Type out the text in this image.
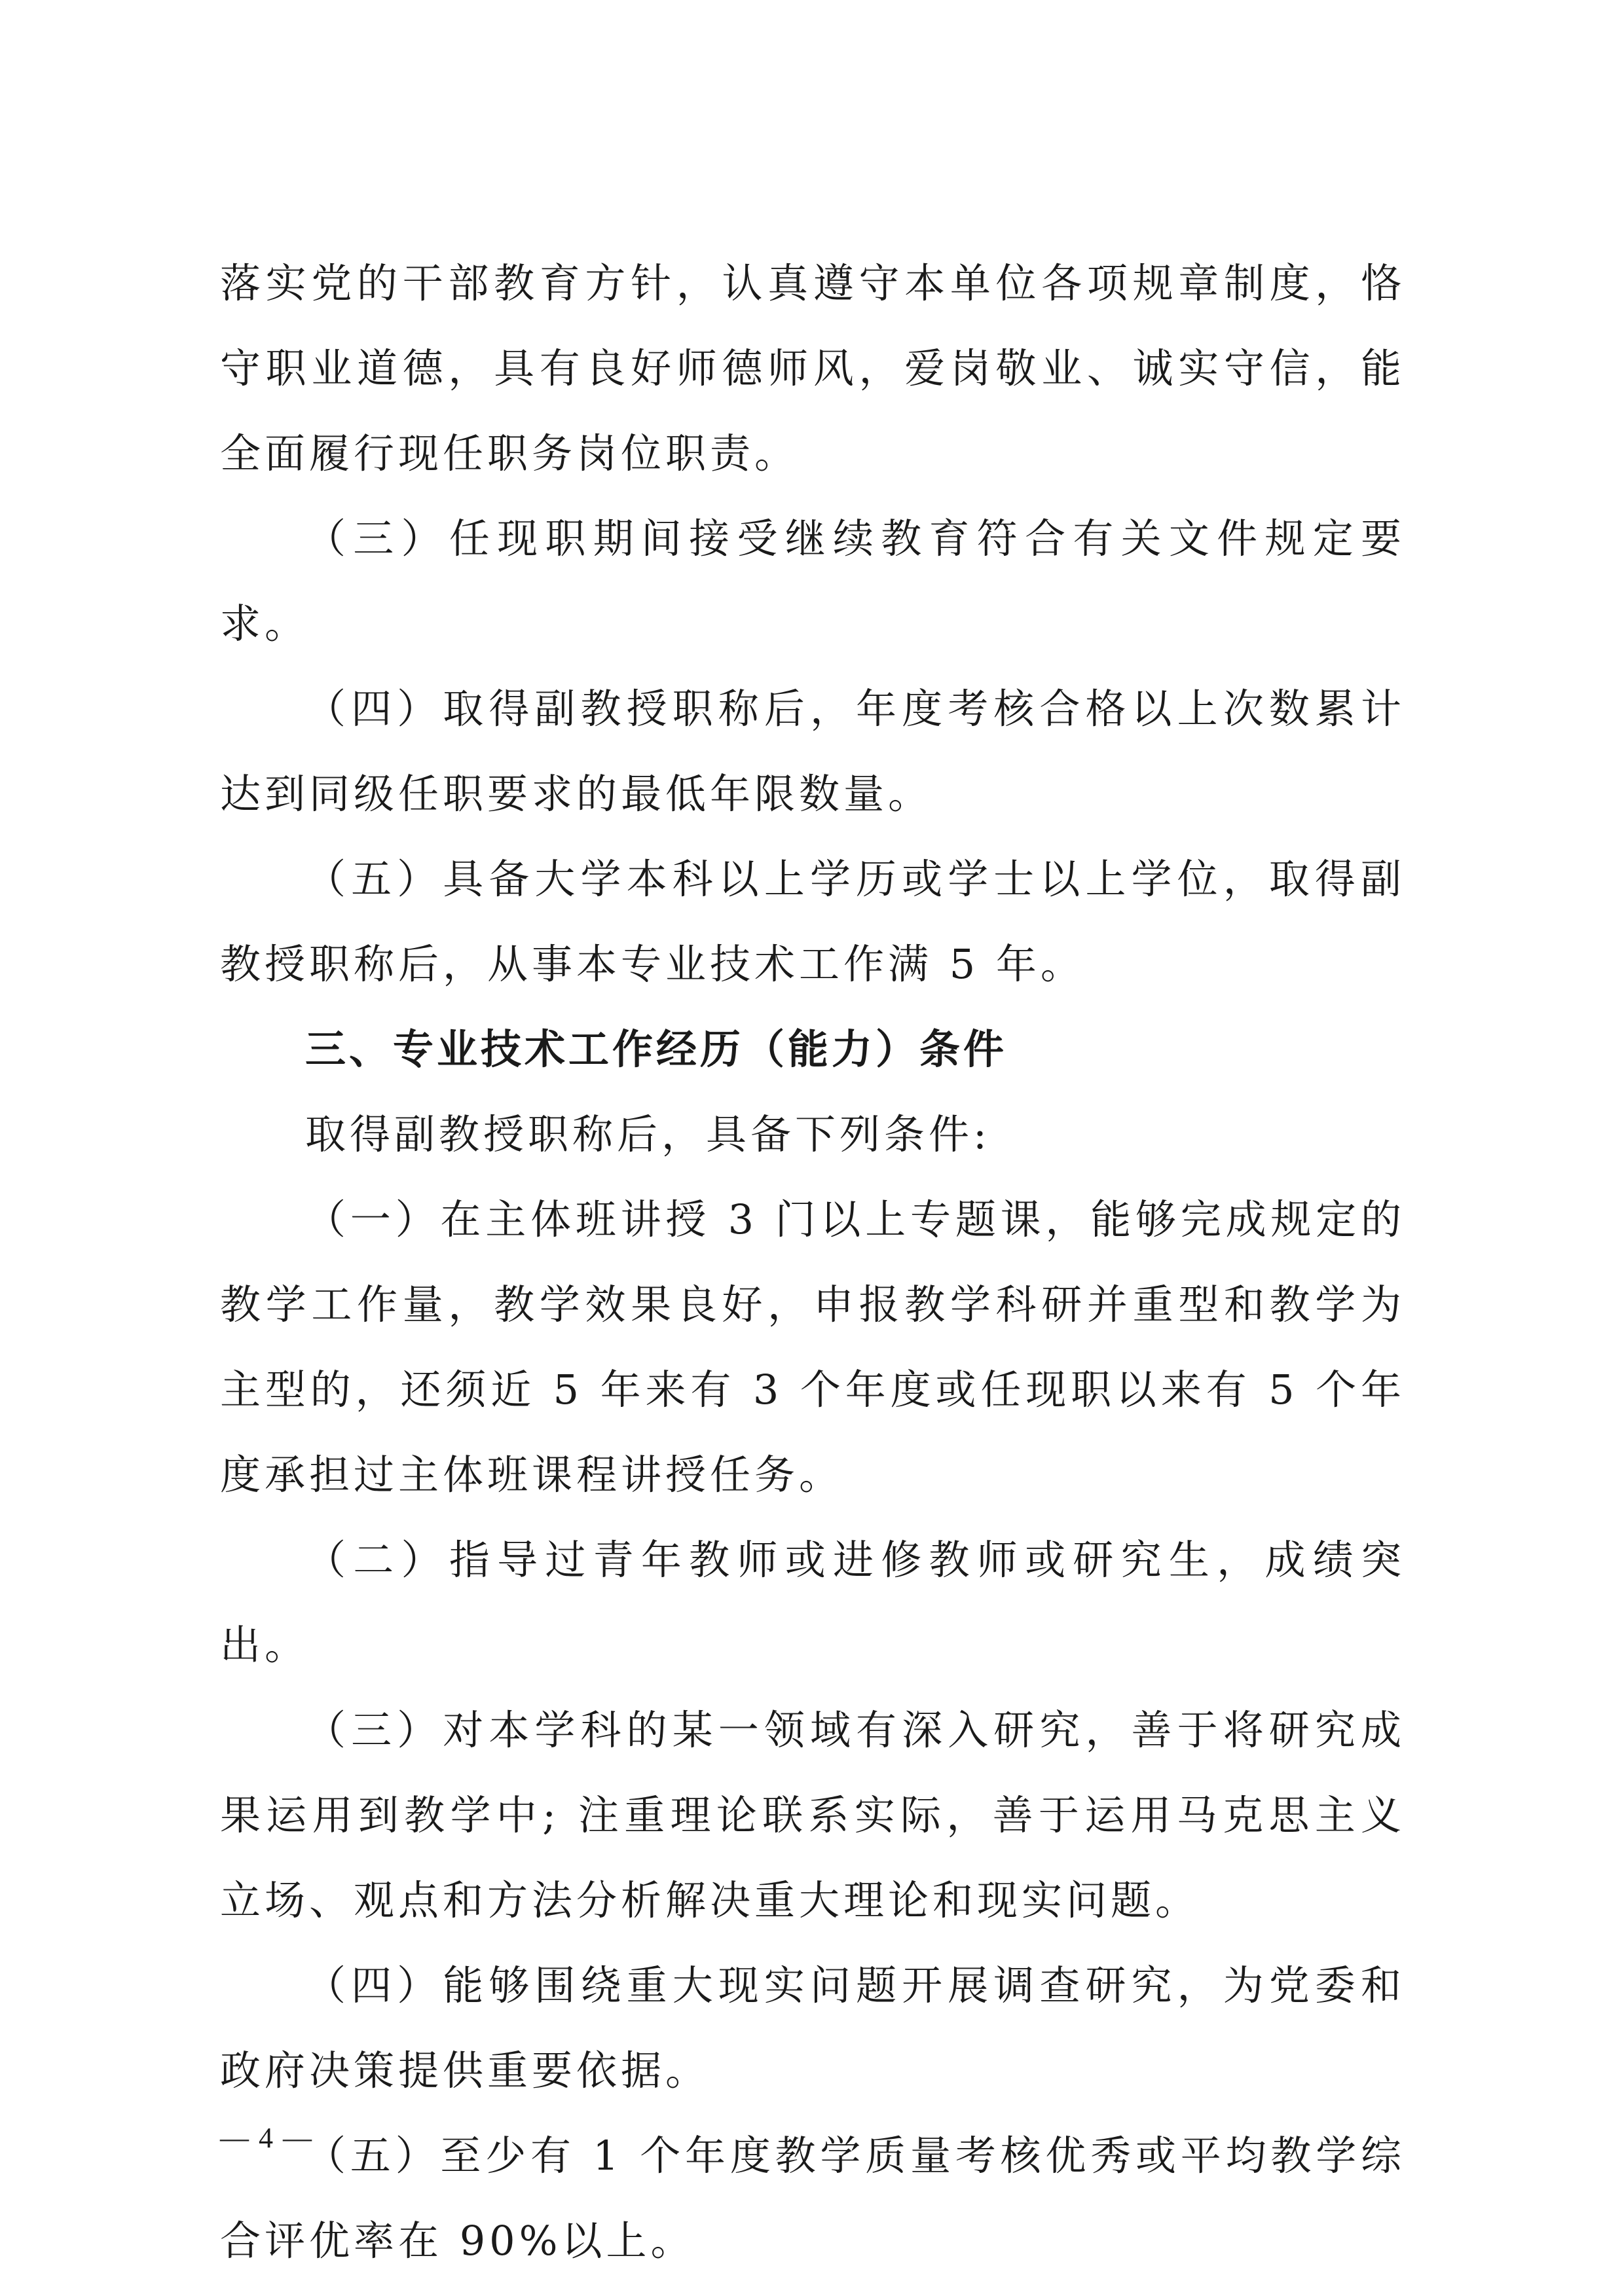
落实党的干部教育方针，认真遵守本单位各项规章制度，恪守职业道德，具有良好师德师风，爱岗敬业、诚实守信，能全面履行现任职务岗位职责。

（三）任现职期间接受继续教育符合有关文件规定要求。

（四）取得副教授职称后，年度考核合格以上次数累计达到同级任职要求的最低年限数量。

（五）具备大学本科以上学历或学士以上学位，取得副教授职称后，从事本专业技术工作满 5 年。

三、专业技术工作经历（能力）条件

取得副教授职称后，具备下列条件:

（一）在主体班讲授 3 门以上专题课，能够完成规定的教学工作量，教学效果良好，申报教学科研并重型和教学为主型的，还须近 5 年来有 3 个年度或任现职以来有 5 个年度承担过主体班课程讲授任务。

（二）指导过青年教师或进修教师或研究生，成绩突出。

（三）对本学科的某一领域有深入研究，善于将研究成果运用到教学中; 注重理论联系实际，善于运用马克思主义立场、观点和方法分析解决重大理论和现实问题。

（四）能够围绕重大现实问题开展调查研究，为党委和政府决策提供重要依据。

（五）至少有 1 个年度教学质量考核优秀或平均教学综合评优率在 90%以上。

— 4 —
